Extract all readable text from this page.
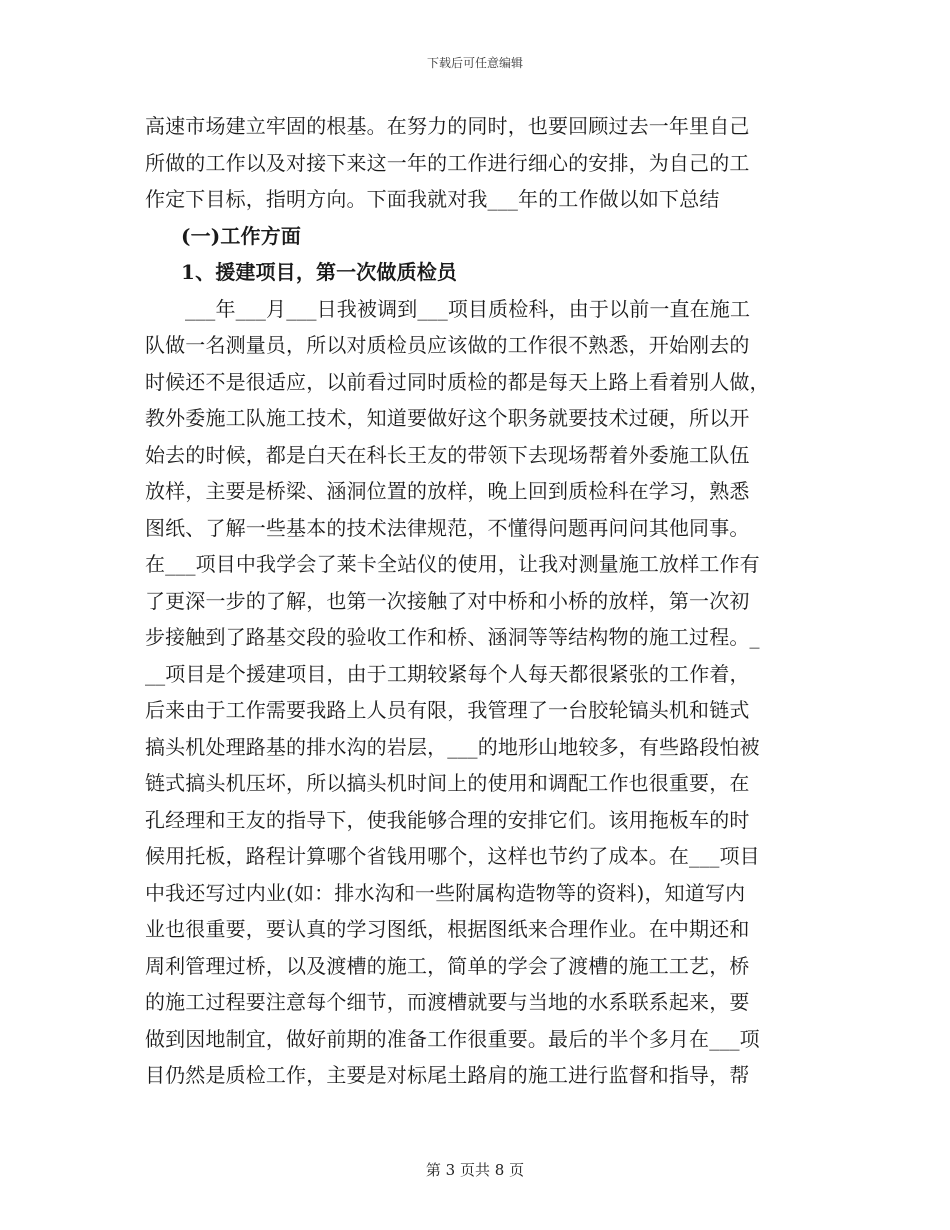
下载后可任意编辑
高速市场建立牢固的根基。在努力的同时，也要回顾过去一年里自己
所做的工作以及对接下来这一年的工作进行细心的安排，为自己的工
作定下目标，指明方向。下面我就对我___年的工作做以如下总结
(一)工作方面
1、援建项目，第一次做质检员
___年___月___日我被调到___项目质检科，由于以前一直在施工
队做一名测量员，所以对质检员应该做的工作很不熟悉，开始刚去的
时候还不是很适应，以前看过同时质检的都是每天上路上看着别人做，
教外委施工队施工技术，知道要做好这个职务就要技术过硬，所以开
始去的时候，都是白天在科长王友的带领下去现场帮着外委施工队伍
放样，主要是桥梁、涵洞位置的放样，晚上回到质检科在学习，熟悉
图纸、了解一些基本的技术法律规范，不懂得问题再问问其他同事。
在___项目中我学会了莱卡全站仪的使用，让我对测量施工放样工作有
了更深一步的了解，也第一次接触了对中桥和小桥的放样，第一次初
步接触到了路基交段的验收工作和桥、涵洞等等结构物的施工过程。_
__项目是个援建项目，由于工期较紧每个人每天都很紧张的工作着，
后来由于工作需要我路上人员有限，我管理了一台胶轮镐头机和链式
搞头机处理路基的排水沟的岩层，___的地形山地较多，有些路段怕被
链式搞头机压坏，所以搞头机时间上的使用和调配工作也很重要，在
孔经理和王友的指导下，使我能够合理的安排它们。该用拖板车的时
候用托板，路程计算哪个省钱用哪个，这样也节约了成本。在___项目
中我还写过内业(如：排水沟和一些附属构造物等的资料)，知道写内
业也很重要，要认真的学习图纸，根据图纸来合理作业。在中期还和
周利管理过桥，以及渡槽的施工，简单的学会了渡槽的施工工艺，桥
的施工过程要注意每个细节，而渡槽就要与当地的水系联系起来，要
做到因地制宜，做好前期的准备工作很重要。最后的半个多月在___项
目仍然是质检工作，主要是对标尾土路肩的施工进行监督和指导，帮
第 3 页共 8 页
